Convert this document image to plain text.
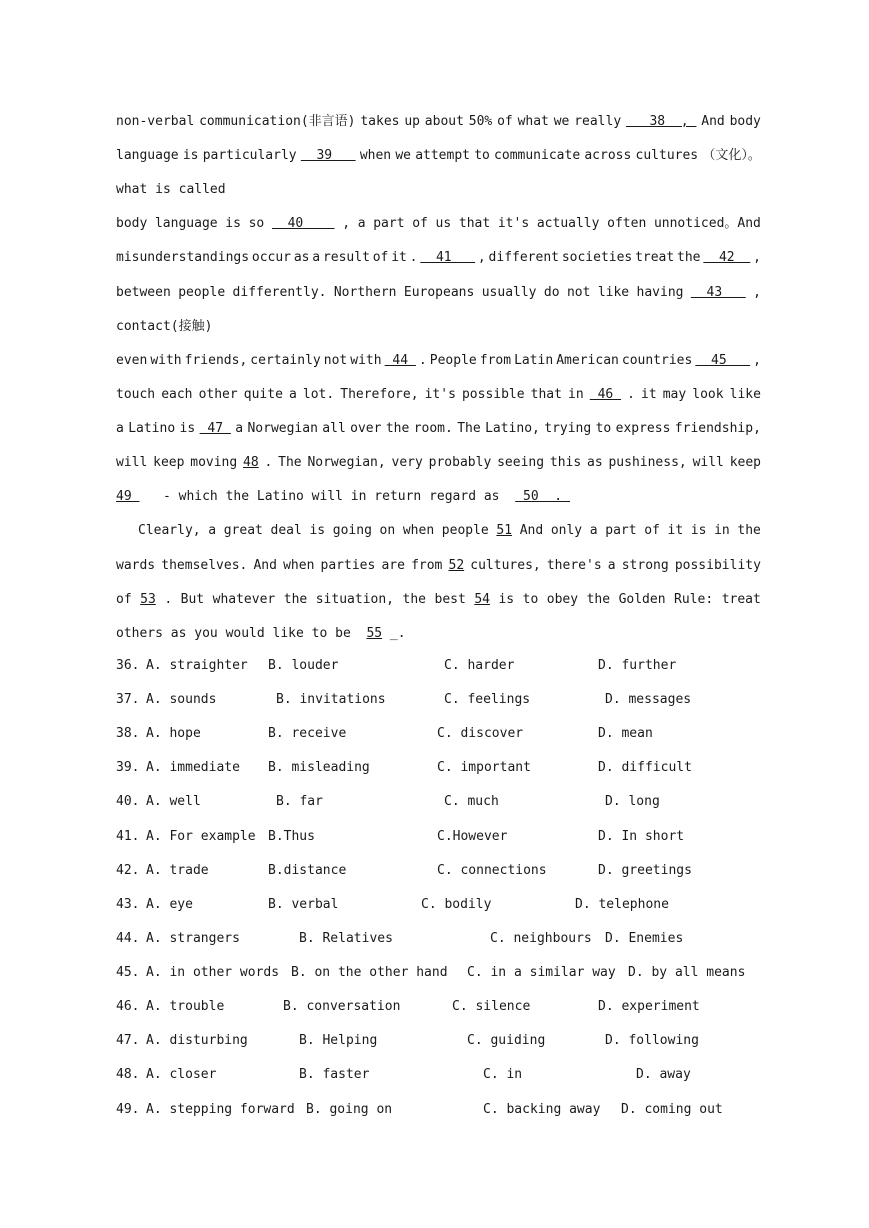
non-verbal communication(非言语) takes up about 50% of what we really 38  , And body
language is particularly 39 when we attempt to communicate across cultures （文化）。
what is called
body language is so 40 , a part of us that it's actually often unnoticed。And
misunderstandings occur as a result of it . 41 , different societies treat the 42 ,
between people differently. Northern Europeans usually do not like having 43 ,
contact(接触)
even with friends, certainly not with 44 . People from Latin American countries 45 ,
touch each other quite a lot. Therefore, it's possible that in 46 . it may look like
a Latino is 47 a Norwegian all over the room. The Latino, trying to express friendship,
will keep moving 48 . The Norwegian, very probably seeing this as pushiness, will keep
49    - which the Latino will in return regard as   50  .
Clearly, a great deal is going on when people 51 And only a part of it is in the
wards themselves. And when parties are from 52 cultures, there's a strong possibility
of 53 . But whatever the situation, the best 54 is to obey the Golden Rule: treat
others as you would like to be  55 _.
36. A. straighter B. louder	C. harder	D. further
37. A. sounds	B. invitations	C. feelings	D. messages
38. A. hope	B. receive	C. discover	D. mean
39. A. immediate B. misleading	C. important	D. difficult
40. A. well	B. far	C. much	D. long
41. A. For example B.Thus	C.However	D. In short
42. A. trade	B.distance	C. connections	D. greetings
43. A. eye	B. verbal	C. bodily	D. telephone
44. A. strangers	B. Relatives	C. neighbours D. Enemies
45. A. in other words B. on the other hand C. in a similar way D. by all means
46. A. trouble	B. conversation	C. silence	D. experiment
47. A. disturbing	B. Helping	C. guiding	D. following
48. A. closer	B. faster	C. in	D. away
49. A. stepping forward B. going on	C. backing away D. coming out
